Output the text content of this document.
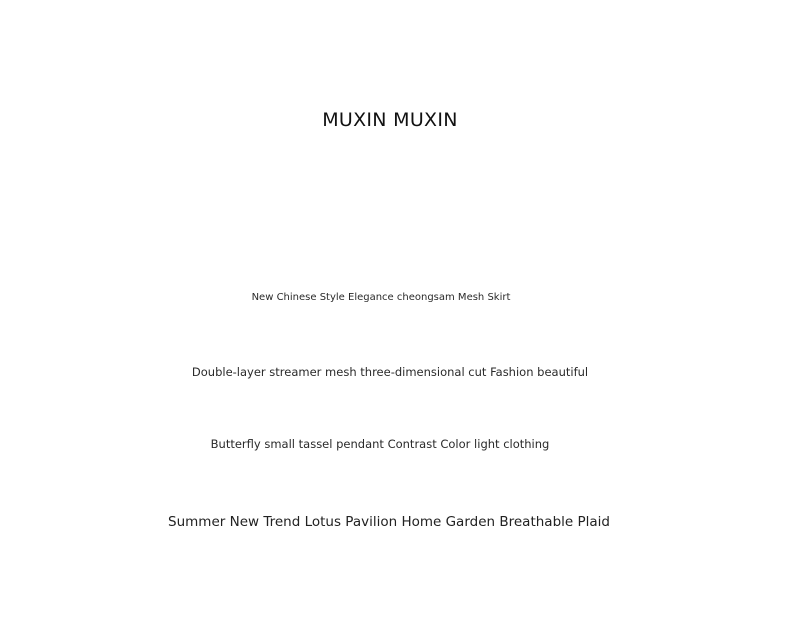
MUXIN MUXIN
New Chinese Style Elegance cheongsam Mesh Skirt
Double-layer streamer mesh three-dimensional cut Fashion beautiful
Butterfly small tassel pendant Contrast Color light clothing
Summer New Trend Lotus Pavilion Home Garden Breathable Plaid
